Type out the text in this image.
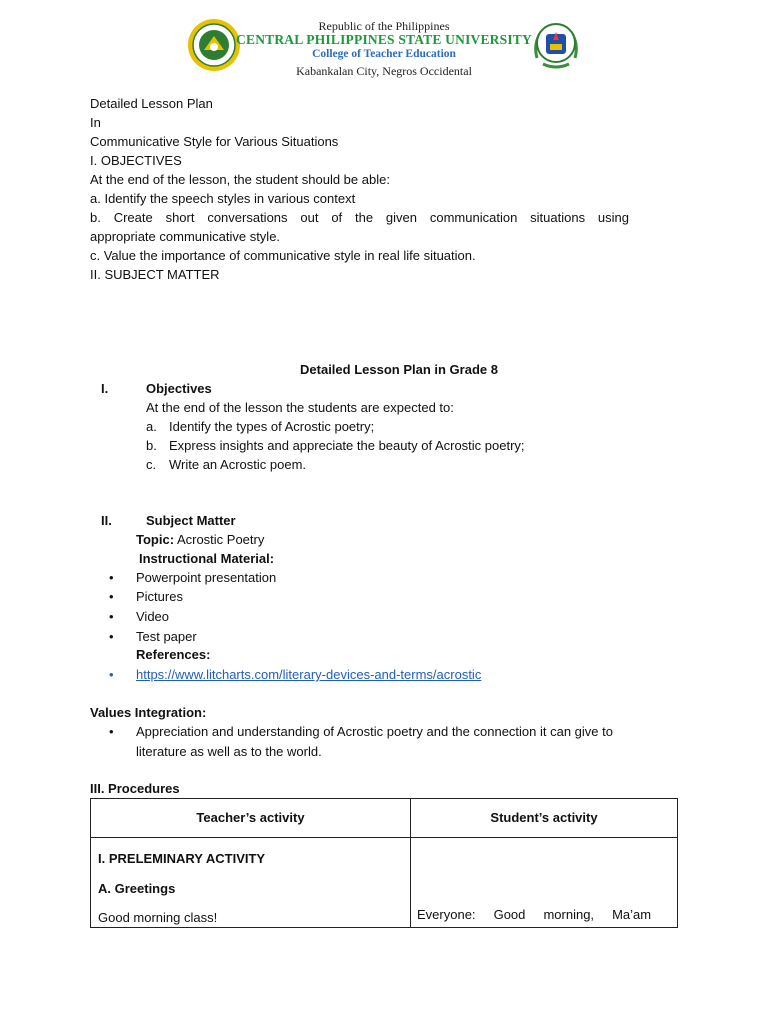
Republic of the Philippines
CENTRAL PHILIPPINES STATE UNIVERSITY
College of Teacher Education
Kabankalan City, Negros Occidental
Detailed Lesson Plan
In
Communicative Style for Various Situations
I. OBJECTIVES
At the end of the lesson, the student should be able:
a. Identify the speech styles in various context
b. Create short conversations out of the given communication situations using
appropriate communicative style.
c. Value the importance of communicative style in real life situation.
II. SUBJECT MATTER
Detailed Lesson Plan in Grade 8
I.	Objectives
At the end of the lesson the students are expected to:
a. Identify the types of Acrostic poetry;
b. Express insights and appreciate the beauty of Acrostic poetry;
c. Write an Acrostic poem.
II.	Subject Matter
Topic: Acrostic Poetry
Instructional Material:
• Powerpoint presentation
• Pictures
• Video
• Test paper
References:
• https://www.litcharts.com/literary-devices-and-terms/acrostic
Values Integration:
• Appreciation and understanding of Acrostic poetry and the connection it can give to
literature as well as to the world.
III. Procedures
Teacher’s activity	Student’s activity

I. PRELEMINARY ACTIVITY
A. Greetings
Good morning class!	Everyone:     Good     morning,     Ma’am
